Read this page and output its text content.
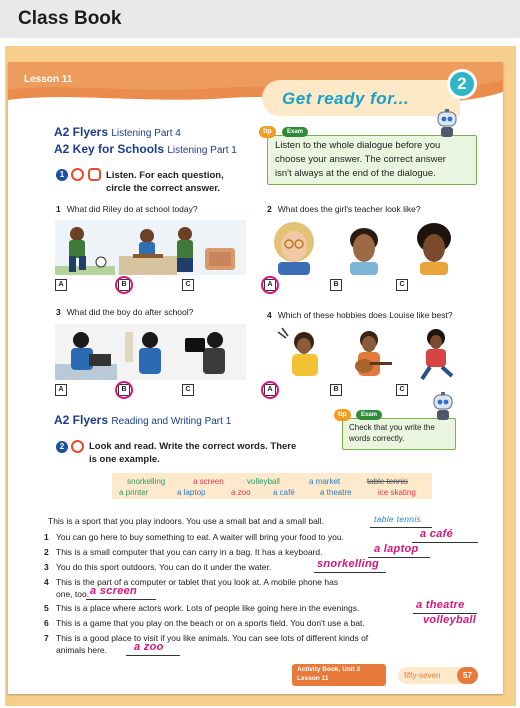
Class Book
Lesson 11
Get ready for...
2
A2 Flyers Listening Part 4
A2 Key for Schools Listening Part 1	Listen to the whole dialogue before you
choose your answer. The correct answer
isn't always at the end of the dialogue.
tip	Exam
1	Listen. For each question,
circle the correct answer.
1 What did Riley do at school today?
A	B	C
2 What does the girl's teacher look like?
A	B	C
3 What did the boy do after school?
A	B	C
4 Which of these hobbies does Louise like best?
A	B	C
A2 Flyers Reading and Writing Part 1
Check that you write the
words correctly.
tip	Exam
2	Look and read. Write the correct words. There
is one example.
snorkelling	a screen	volleyball	a market	table tennis
a printer	a laptop	a zoo	a café	a theatre	ice skating
This is a sport that you play indoors. You use a small bat and a small ball.	table tennis
1 You can go here to buy something to eat. A waiter will bring your food to you.	a café
2 This is a small computer that you can carry in a bag. It has a keyboard.	a laptop
3 You do this sport outdoors. You can do it under the water.	snorkelling
4 This is the part of a computer or tablet that you look at. A mobile phone has
one, too. a screen
5 This is a place where actors work. Lots of people like going here in the evenings.	a theatre
6 This is a game that you play on the beach or on a sports field. You don't use a bat.	volleyball
7 This is a good place to visit if you like animals. You can see lots of different kinds of
animals here. a zoo
Activity Book, Unit 2
Lesson 11	fifty-seven	57
